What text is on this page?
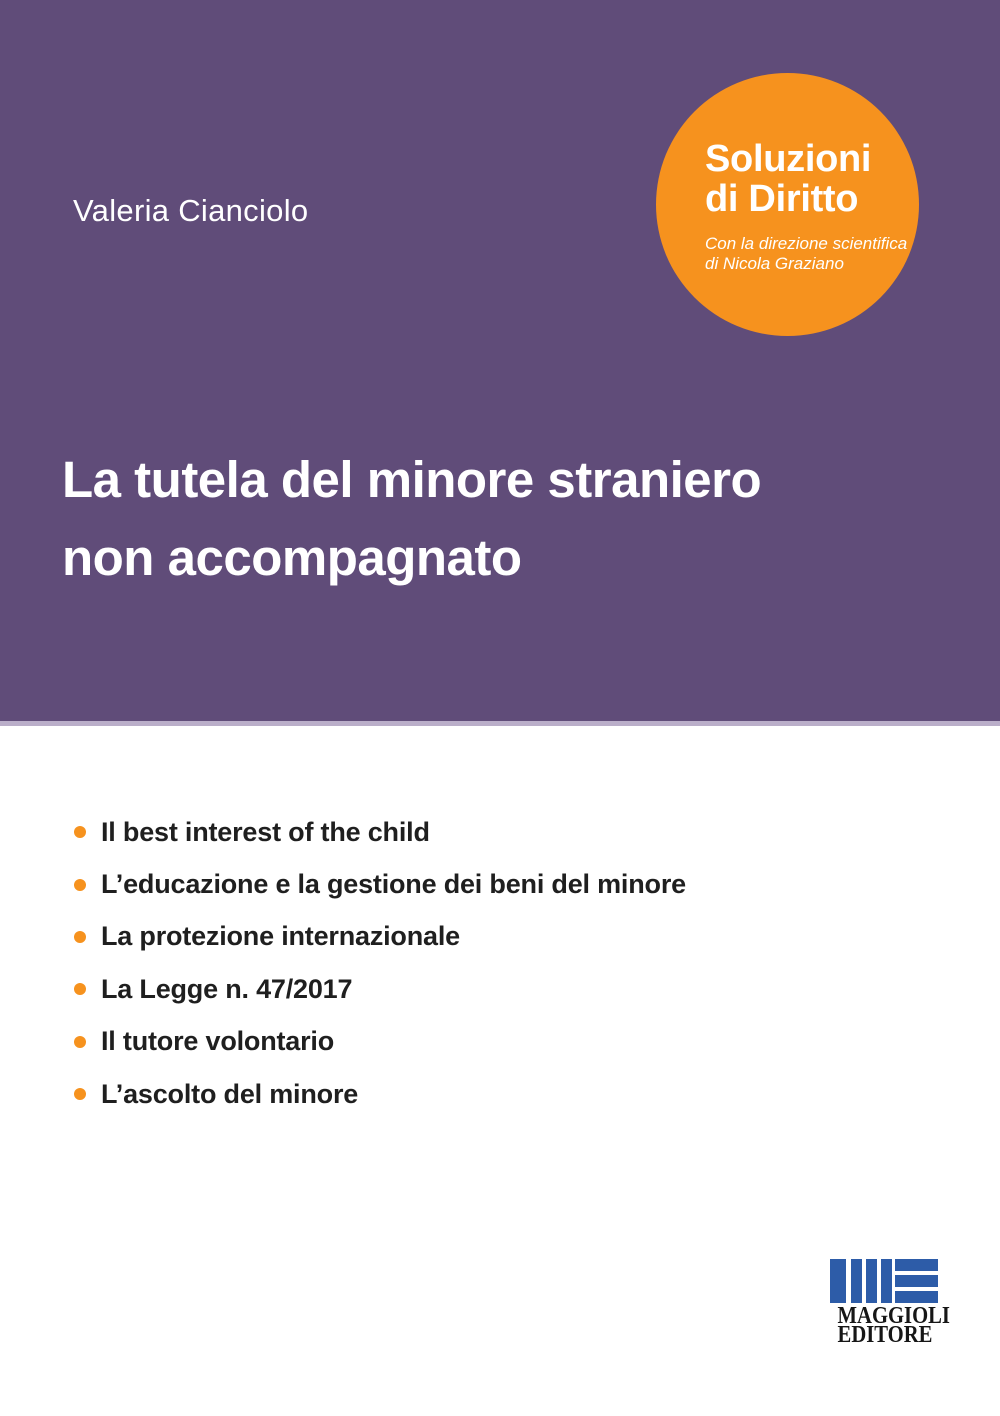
Valeria Cianciolo
Soluzioni
di Diritto
Con la direzione scientifica
di Nicola Graziano
La tutela del minore straniero
non accompagnato
Il best interest of the child
L’educazione e la gestione dei beni del minore
La protezione internazionale
La Legge n. 47/2017
Il tutore volontario
L’ascolto del minore
MAGGIOLI
EDITORE
